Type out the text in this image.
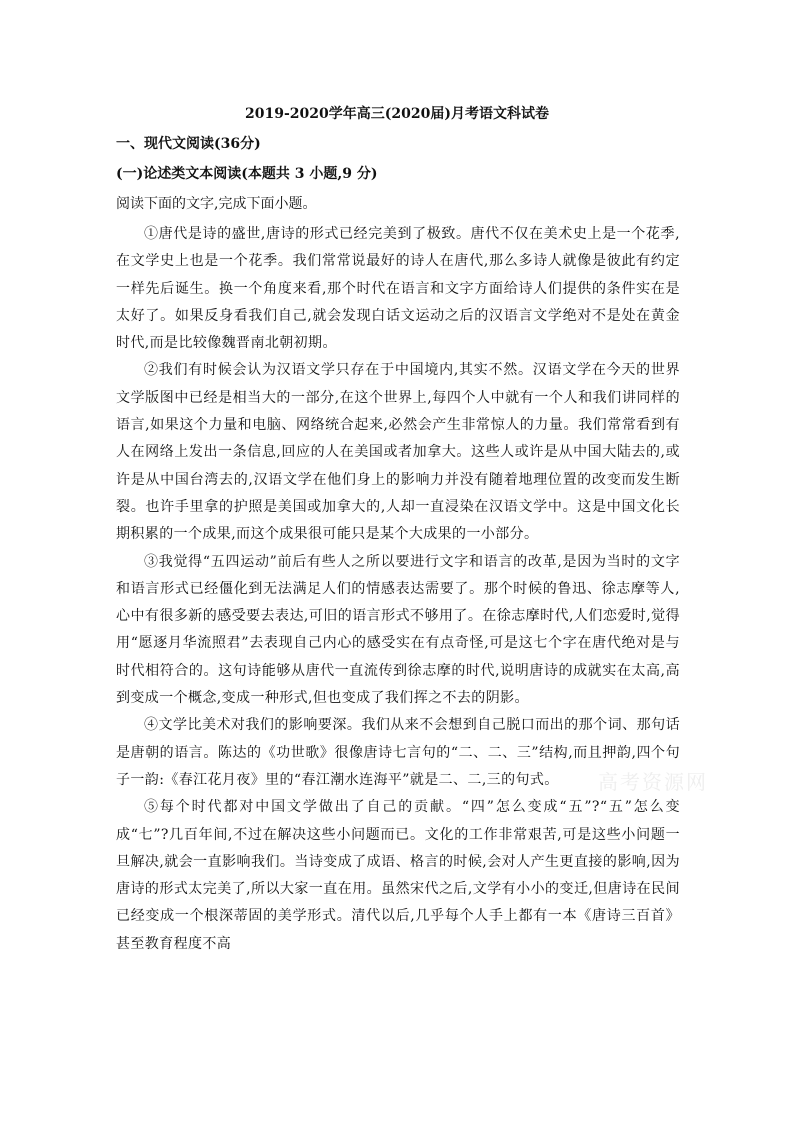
2019-2020学年高三(2020届)月考语文科试卷
一、现代文阅读(36分)
(一)论述类文本阅读(本题共 3 小题,9 分)
阅读下面的文字,完成下面小题。

①唐代是诗的盛世,唐诗的形式已经完美到了极致。唐代不仅在美术史上是一个花季,在文学史上也是一个花季。我们常常说最好的诗人在唐代,那么多诗人就像是彼此有约定一样先后诞生。换一个角度来看,那个时代在语言和文字方面给诗人们提供的条件实在是太好了。如果反身看我们自己,就会发现白话文运动之后的汉语言文学绝对不是处在黄金时代,而是比较像魏晋南北朝初期。

②我们有时候会认为汉语文学只存在于中国境内,其实不然。汉语文学在今天的世界文学版图中已经是相当大的一部分,在这个世界上,每四个人中就有一个人和我们讲同样的语言,如果这个力量和电脑、网络统合起来,必然会产生非常惊人的力量。我们常常看到有人在网络上发出一条信息,回应的人在美国或者加拿大。这些人或许是从中国大陆去的,或许是从中国台湾去的,汉语文学在他们身上的影响力并没有随着地理位置的改变而发生断裂。也许手里拿的护照是美国或加拿大的,人却一直浸染在汉语文学中。这是中国文化长期积累的一个成果,而这个成果很可能只是某个大成果的一小部分。

③我觉得“五四运动”前后有些人之所以要进行文字和语言的改革,是因为当时的文字和语言形式已经僵化到无法满足人们的情感表达需要了。那个时候的鲁迅、徐志摩等人,心中有很多新的感受要去表达,可旧的语言形式不够用了。在徐志摩时代,人们恋爱时,觉得用“愿逐月华流照君”去表现自己内心的感受实在有点奇怪,可是这七个字在唐代绝对是与时代相符合的。这句诗能够从唐代一直流传到徐志摩的时代,说明唐诗的成就实在太高,高到变成一个概念,变成一种形式,但也变成了我们挥之不去的阴影。

④文学比美术对我们的影响要深。我们从来不会想到自己脱口而出的那个词、那句话是唐朝的语言。陈达的《功世歌》很像唐诗七言句的“二、二、三”结构,而且押韵,四个句子一韵:《春江花月夜》里的“春江潮水连海平”就是二、二,三的句式。

⑤每个时代都对中国文学做出了自己的贡献。“四”怎么变成“五”?“五”怎么变成“七”?几百年间,不过在解决这些小问题而已。文化的工作非常艰苦,可是这些小问题一旦解决,就会一直影响我们。当诗变成了成语、格言的时候,会对人产生更直接的影响,因为唐诗的形式太完美了,所以大家一直在用。虽然宋代之后,文学有小小的变迁,但唐诗在民间已经变成一个根深蒂固的美学形式。清代以后,几乎每个人手上都有一本《唐诗三百首》甚至教育程度不高

高考资源网
